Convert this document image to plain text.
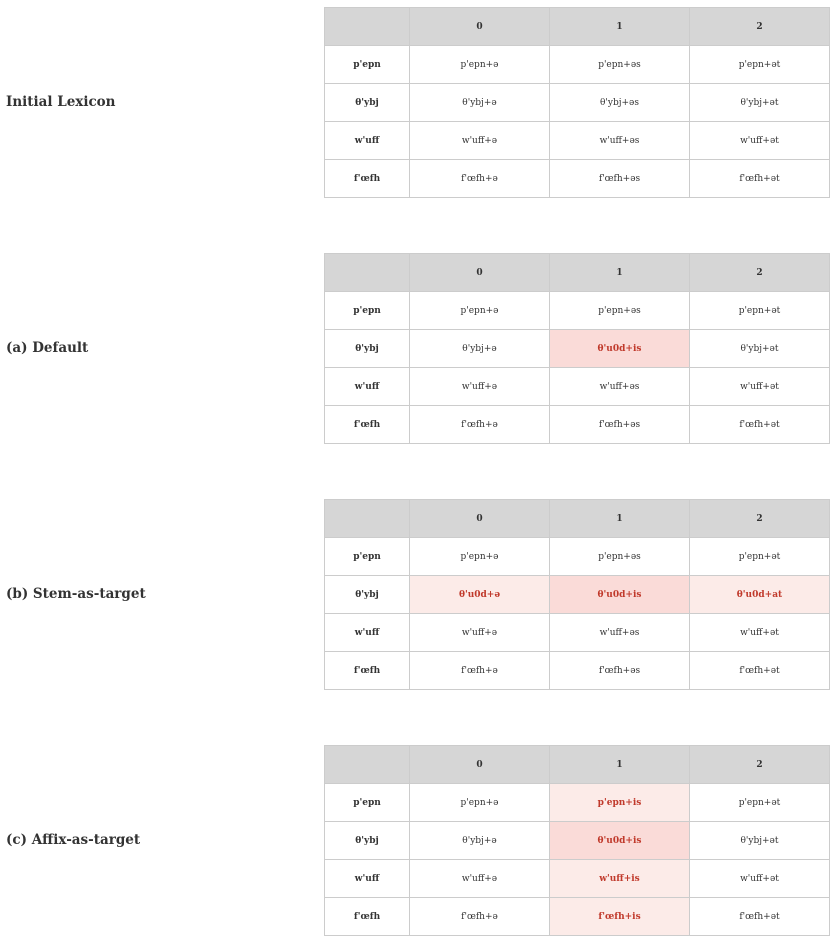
Initial Lexicon
	0	1	2
p'epn	p'epn+ə	p'epn+əs	p'epn+ət
θ'ybj	θ'ybj+ə	θ'ybj+əs	θ'ybj+ət
w'uff	w'uff+ə	w'uff+əs	w'uff+ət
f'œfh	f'œfh+ə	f'œfh+əs	f'œfh+ət
(a) Default
	0	1	2
p'epn	p'epn+ə	p'epn+əs	p'epn+ət
θ'ybj	θ'ybj+ə	θ'u0d+is	θ'ybj+ət
w'uff	w'uff+ə	w'uff+əs	w'uff+ət
f'œfh	f'œfh+ə	f'œfh+əs	f'œfh+ət
(b) Stem-as-target
	0	1	2
p'epn	p'epn+ə	p'epn+əs	p'epn+ət
θ'ybj	θ'u0d+ə	θ'u0d+is	θ'u0d+at
w'uff	w'uff+ə	w'uff+əs	w'uff+ət
f'œfh	f'œfh+ə	f'œfh+əs	f'œfh+ət
(c) Affix-as-target
	0	1	2
p'epn	p'epn+ə	p'epn+is	p'epn+ət
θ'ybj	θ'ybj+ə	θ'u0d+is	θ'ybj+ət
w'uff	w'uff+ə	w'uff+is	w'uff+ət
f'œfh	f'œfh+ə	f'œfh+is	f'œfh+ət
